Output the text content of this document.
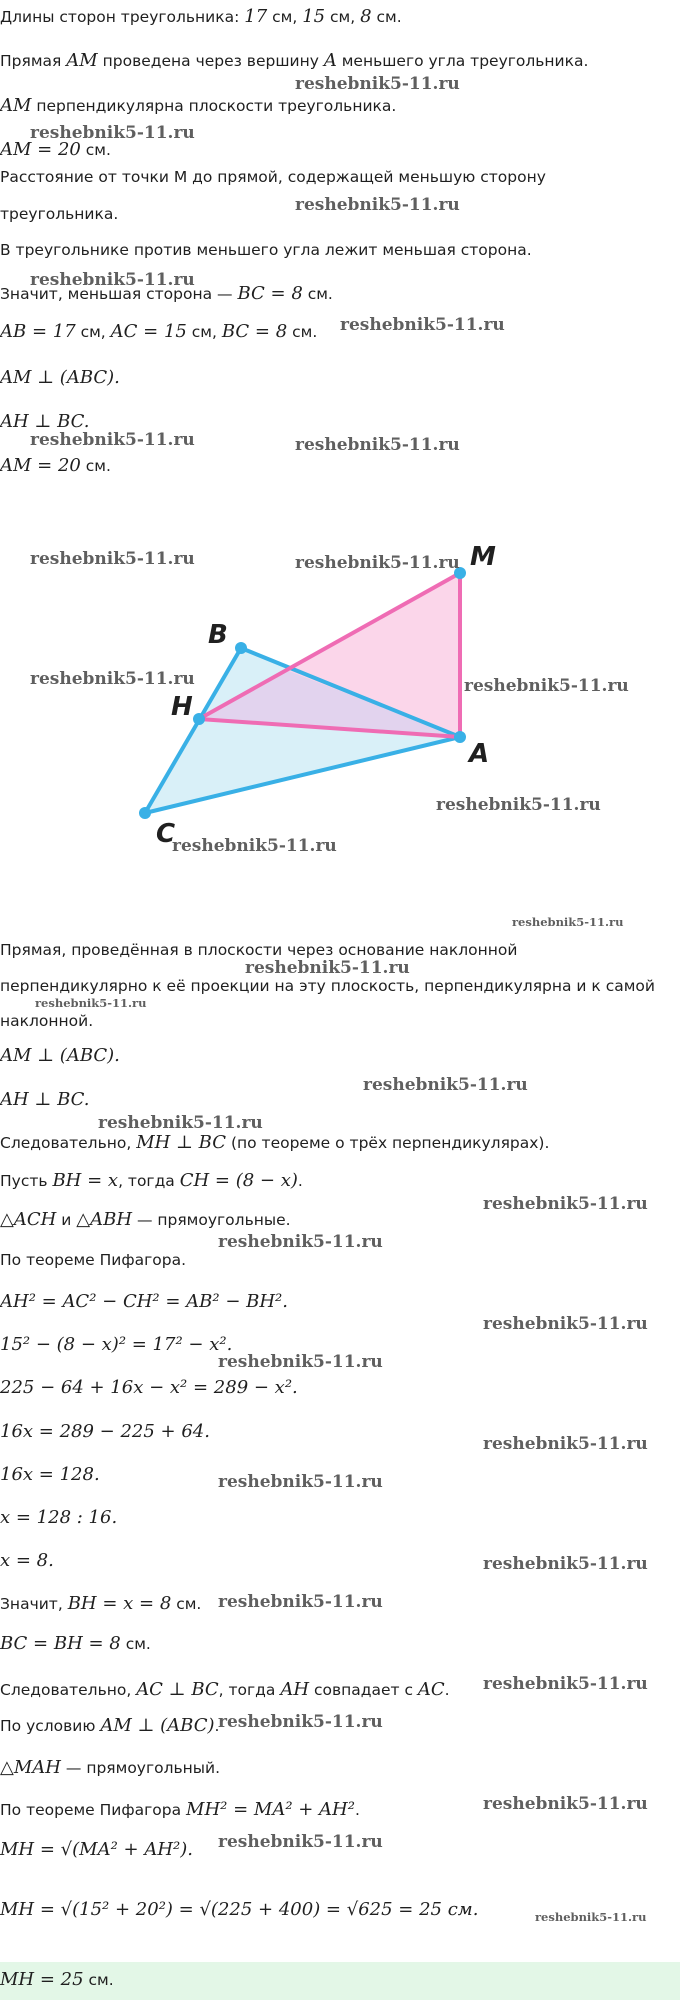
Длины сторон треугольника: 17 см, 15 см, 8 см.
Прямая AM проведена через вершину A меньшего угла треугольника.
AM перпендикулярна плоскости треугольника.
AM = 20 см.
Расстояние от точки M до прямой, содержащей меньшую сторону
треугольника.
В треугольнике против меньшего угла лежит меньшая сторона.
Значит, меньшая сторона — BC = 8 см.
AB = 17 см, AC = 15 см, BC = 8 см.
AM ⊥ (ABC).
AH ⊥ BC.
AM = 20 см.
M
B
H
A
C
Прямая, проведённая в плоскости через основание наклонной
перпендикулярно к её проекции на эту плоскость, перпендикулярна и к самой
наклонной.
AM ⊥ (ABC).
AH ⊥ BC.
Следовательно, MH ⊥ BC (по теореме о трёх перпендикулярах).
Пусть BH = x, тогда CH = (8 − x).
△ACH и △ABH — прямоугольные.
По теореме Пифагора.
AH² = AC² − CH² = AB² − BH².
15² − (8 − x)² = 17² − x².
225 − 64 + 16x − x² = 289 − x².
16x = 289 − 225 + 64.
16x = 128.
x = 128 : 16.
x = 8.
Значит, BH = x = 8 см.
BC = BH = 8 см.
Следовательно, AC ⊥ BC, тогда AH совпадает с AC.
По условию AM ⊥ (ABC).
△MAH — прямоугольный.
По теореме Пифагора MH² = MA² + AH².
MH = √(MA² + AH²).
MH = √(15² + 20²) = √(225 + 400) = √625 = 25 см.
MH = 25 см.
reshebnik5-11.ru
reshebnik5-11.ru
reshebnik5-11.ru
reshebnik5-11.ru
reshebnik5-11.ru
reshebnik5-11.ru	reshebnik5-11.ru
reshebnik5-11.ru	reshebnik5-11.ru
reshebnik5-11.ru	reshebnik5-11.ru
reshebnik5-11.ru
reshebnik5-11.ru
reshebnik5-11.ru
reshebnik5-11.ru
reshebnik5-11.ru
reshebnik5-11.ru
reshebnik5-11.ru
reshebnik5-11.ru
reshebnik5-11.ru
reshebnik5-11.ru
reshebnik5-11.ru
reshebnik5-11.ru
reshebnik5-11.ru
reshebnik5-11.ru
reshebnik5-11.ru
reshebnik5-11.ru
reshebnik5-11.ru
reshebnik5-11.ru
reshebnik5-11.ru
reshebnik5-11.ru
